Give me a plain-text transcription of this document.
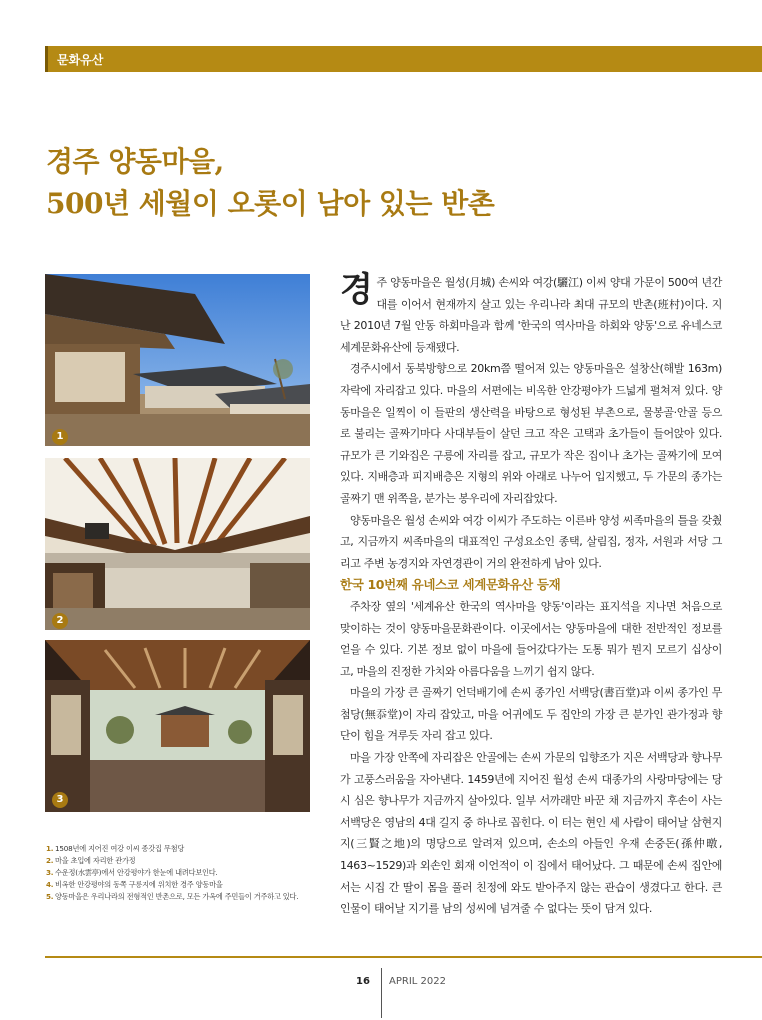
문화유산
경주 양동마을,
500년 세월이 오롯이 남아 있는 반촌
1
2
3
1. 1508년에 지어진 여강 이씨 종갓집 무첨당
2. 마을 초입에 자리한 관가정
3. 수운정(水雲亭)에서 안강평야가 한눈에 내려다보인다.
4. 비옥한 안강평야의 동쪽 구릉지에 위치한 경주 양동마을
5. 양동마을은 우리나라의 전형적인 반촌으로, 모든 가옥에 주민들이 거주하고 있다.

경주 양동마을은 월성(月城) 손씨와 여강(驪江) 이씨 양대 가문이 500여 년간 대를 이어서 현재까지 살고 있는 우리나라 최대 규모의 반촌(班村)이다. 지난 2010년 7월 안동 하회마을과 함께 '한국의 역사마을 하회와 양동'으로 유네스코 세계문화유산에 등재됐다.

경주시에서 동북방향으로 20km쯤 떨어져 있는 양동마을은 설창산(해발 163m) 자락에 자리잡고 있다. 마을의 서편에는 비옥한 안강평야가 드넓게 펼쳐져 있다. 양동마을은 일찍이 이 들판의 생산력을 바탕으로 형성된 부촌으로, 물봉골·안골 등으로 불리는 골짜기마다 사대부들이 살던 크고 작은 고택과 초가들이 들어앉아 있다. 규모가 큰 기와집은 구릉에 자리를 잡고, 규모가 작은 집이나 초가는 골짜기에 모여 있다. 지배층과 피지배층은 지형의 위와 아래로 나누어 입지했고, 두 가문의 종가는 골짜기 맨 위쪽을, 분가는 봉우리에 자리잡았다.

양동마을은 월성 손씨와 여강 이씨가 주도하는 이른바 양성 씨족마을의 틀을 갖췄고, 지금까지 씨족마을의 대표적인 구성요소인 종택, 살림집, 정자, 서원과 서당 그리고 주변 농경지와 자연경관이 거의 완전하게 남아 있다.

한국 10번째 유네스코 세계문화유산 등재

주차장 옆의 '세계유산 한국의 역사마을 양동'이라는 표지석을 지나면 처음으로 맞이하는 것이 양동마을문화관이다. 이곳에서는 양동마을에 대한 전반적인 정보를 얻을 수 있다. 기본 정보 없이 마을에 들어갔다가는 도통 뭐가 뭔지 모르기 십상이고, 마을의 진정한 가치와 아름다움을 느끼기 쉽지 않다.

마을의 가장 큰 골짜기 언덕배기에 손씨 종가인 서백당(書百堂)과 이씨 종가인 무첨당(無忝堂)이 자리 잡았고, 마을 어귀에도 두 집안의 가장 큰 분가인 관가정과 향단이 힘을 겨루듯 자리 잡고 있다.

마을 가장 안쪽에 자리잡은 안골에는 손씨 가문의 입향조가 지은 서백당과 향나무가 고풍스러움을 자아낸다. 1459년에 지어진 월성 손씨 대종가의 사랑마당에는 당시 심은 향나무가 지금까지 살아있다. 일부 서까래만 바꾼 채 지금까지 후손이 사는 서백당은 영남의 4대 길지 중 하나로 꼽힌다. 이 터는 현인 세 사람이 태어날 삼현지지(三賢之地)의 명당으로 알려져 있으며, 손소의 아들인 우재 손중돈(孫仲暾, 1463~1529)과 외손인 회재 이언적이 이 집에서 태어났다. 그 때문에 손씨 집안에서는 시집 간 딸이 몸을 풀러 친정에 와도 받아주지 않는 관습이 생겼다고 한다. 큰 인물이 태어날 지기를 남의 성씨에 넘겨줄 수 없다는 뜻이 담겨 있다.

16 APRIL 2022
